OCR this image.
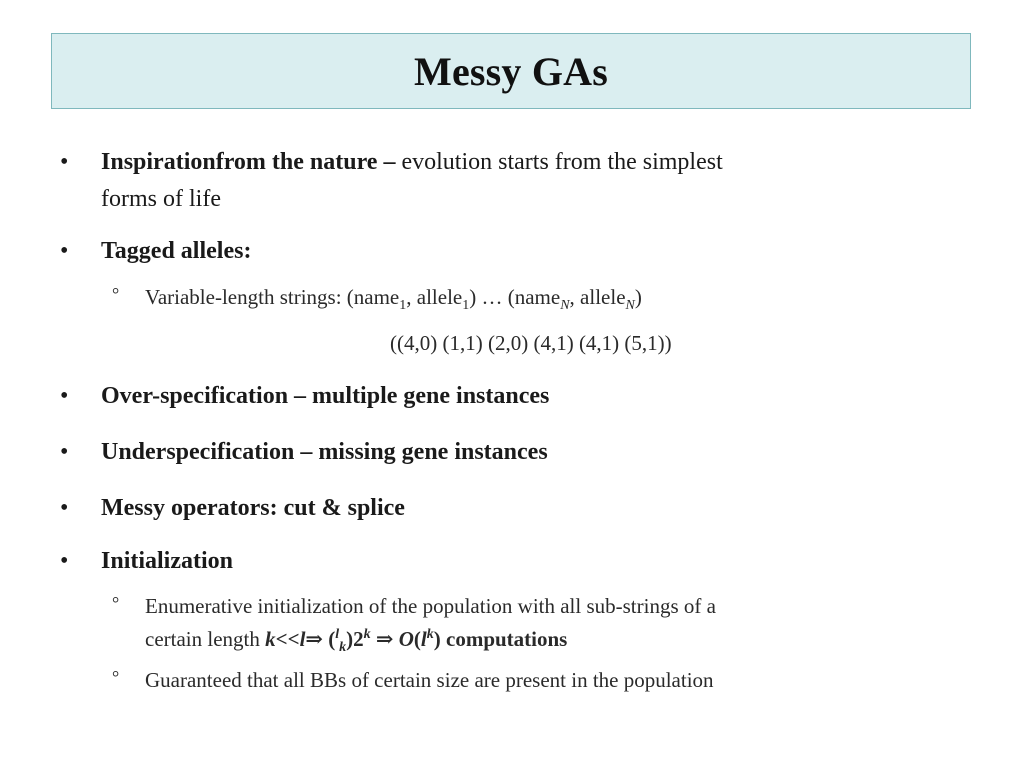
Messy GAs
• Inspirationfrom the nature – evolution starts from the simplest
forms of life
• Tagged alleles:
° Variable-length strings: (name$_1$, allele$_1$) … (name$_N$, allele$_N$)
((4,0) (1,1) (2,0) (4,1) (4,1) (5,1))
• Over-specification – multiple gene instances
• Underspecification – missing gene instances
• Messy operators: cut & splice
• Initialization
° Enumerative initialization of the population with all sub-strings of a
certain length k<<l⇒ $(^l_k)2^k$ ⇒ $O(l^k)$ computations
° Guaranteed that all BBs of certain size are present in the population
